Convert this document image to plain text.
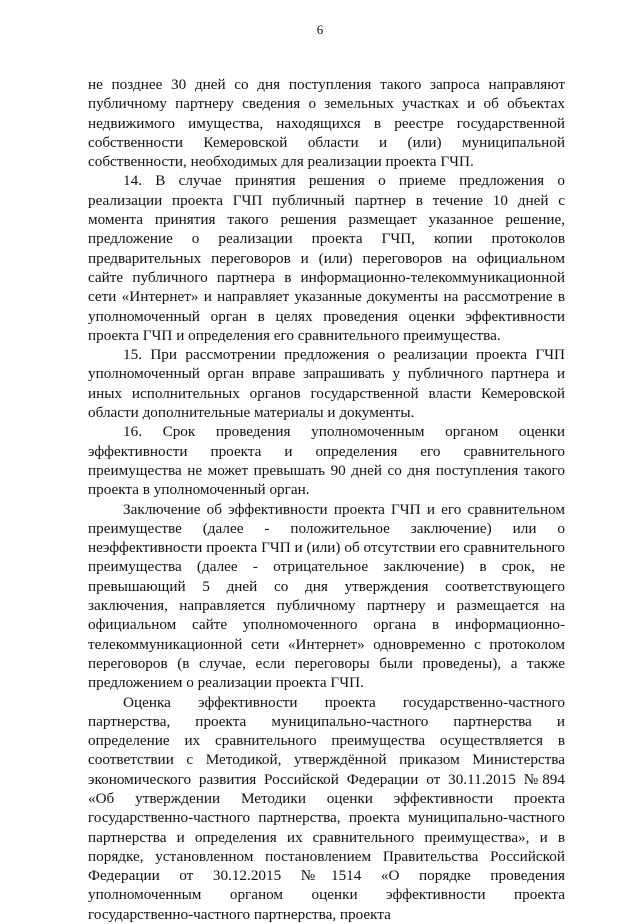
6

не позднее 30 дней со дня поступления такого запроса направляют публичному партнеру сведения о земельных участках и об объектах недвижимого имущества, находящихся в реестре государственной собственности Кемеровской области и (или) муниципальной собственности, необходимых для реализации проекта ГЧП.

14. В случае принятия решения о приеме предложения о реализации проекта ГЧП публичный партнер в течение 10 дней с момента принятия такого решения размещает указанное решение, предложение о реализации проекта ГЧП, копии протоколов предварительных переговоров и (или) переговоров на официальном сайте публичного партнера в информационно-телекоммуникационной сети «Интернет» и направляет указанные документы на рассмотрение в уполномоченный орган в целях проведения оценки эффективности проекта ГЧП и определения его сравнительного преимущества.

15. При рассмотрении предложения о реализации проекта ГЧП уполномоченный орган вправе запрашивать у публичного партнера и иных исполнительных органов государственной власти Кемеровской области дополнительные материалы и документы.

16. Срок проведения уполномоченным органом оценки эффективности проекта и определения его сравнительного преимущества не может превышать 90 дней со дня поступления такого проекта в уполномоченный орган.

Заключение об эффективности проекта ГЧП и его сравнительном преимуществе (далее - положительное заключение) или о неэффективности проекта ГЧП и (или) об отсутствии его сравнительного преимущества (далее - отрицательное заключение) в срок, не превышающий 5 дней со дня утверждения соответствующего заключения, направляется публичному партнеру и размещается на официальном сайте уполномоченного органа в информационно-телекоммуникационной сети «Интернет» одновременно с протоколом переговоров (в случае, если переговоры были проведены), а также предложением о реализации проекта ГЧП.

Оценка эффективности проекта государственно-частного партнерства, проекта муниципально-частного партнерства и определение их сравнительного преимущества осуществляется в соответствии с Методикой, утверждённой приказом Министерства экономического развития Российской Федерации от 30.11.2015 №894 «Об утверждении Методики оценки эффективности проекта государственно-частного партнерства, проекта муниципально-частного партнерства и определения их сравнительного преимущества», и в порядке, установленном постановлением Правительства Российской Федерации от 30.12.2015 №1514 «О порядке проведения уполномоченным органом оценки эффективности проекта государственно-частного партнерства, проекта
